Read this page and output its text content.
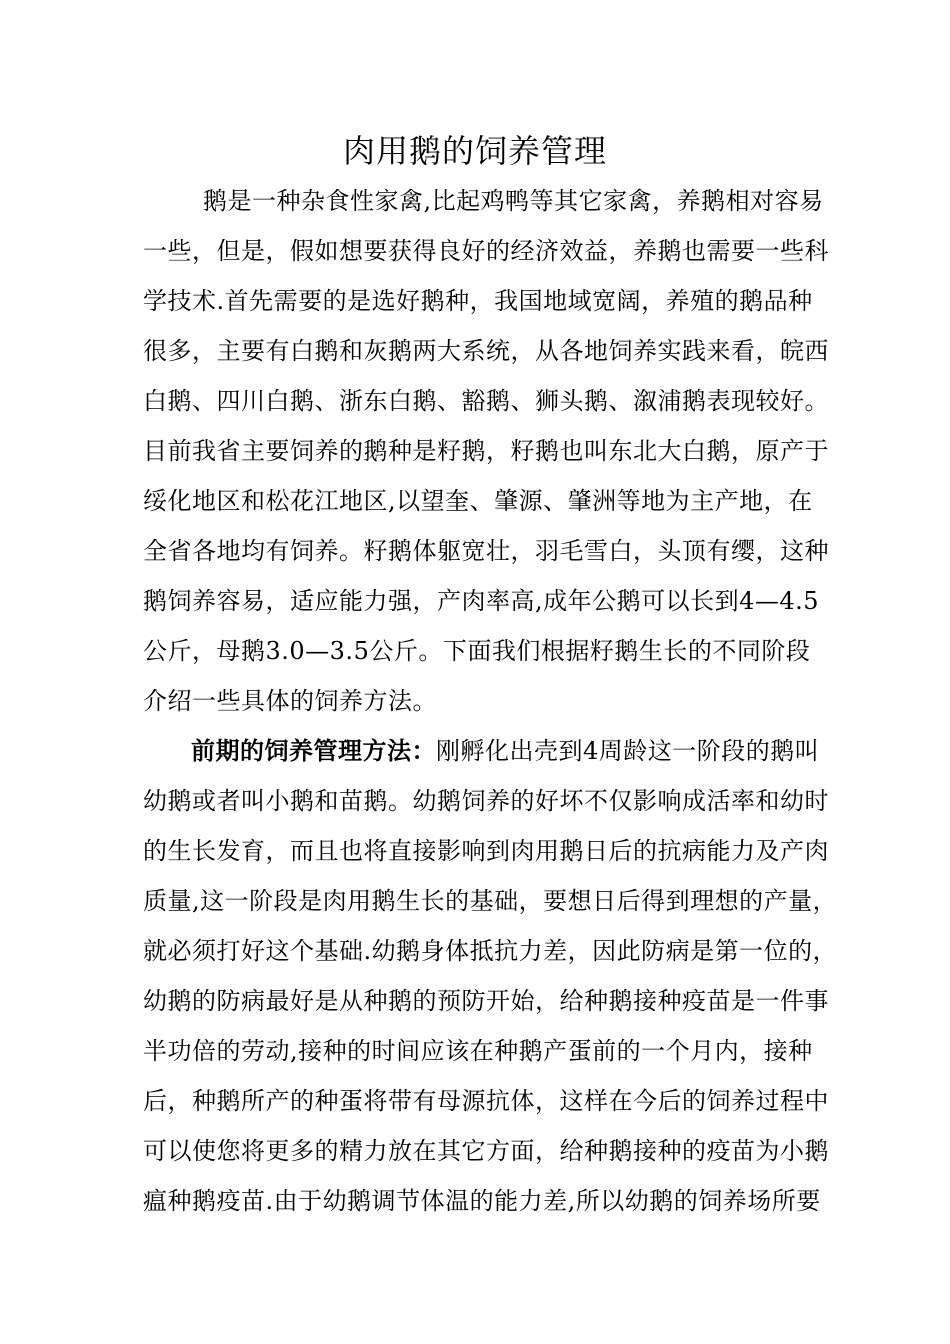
肉用鹅的饲养管理
鹅是一种杂食性家禽,比起鸡鸭等其它家禽，养鹅相对容易
一些，但是，假如想要获得良好的经济效益，养鹅也需要一些科
学技术.首先需要的是选好鹅种，我国地域宽阔，养殖的鹅品种
很多，主要有白鹅和灰鹅两大系统，从各地饲养实践来看，皖西
白鹅、四川白鹅、浙东白鹅、豁鹅、狮头鹅、溆浦鹅表现较好。
目前我省主要饲养的鹅种是籽鹅，籽鹅也叫东北大白鹅，原产于
绥化地区和松花江地区,以望奎、肇源、肇洲等地为主产地，在
全省各地均有饲养。籽鹅体躯宽壮，羽毛雪白，头顶有缨，这种
鹅饲养容易，适应能力强，产肉率高,成年公鹅可以长到4—4.5
公斤，母鹅3.0—3.5公斤。下面我们根据籽鹅生长的不同阶段
介绍一些具体的饲养方法。
前期的饲养管理方法：刚孵化出壳到4周龄这一阶段的鹅叫
幼鹅或者叫小鹅和苗鹅。幼鹅饲养的好坏不仅影响成活率和幼时
的生长发育，而且也将直接影响到肉用鹅日后的抗病能力及产肉
质量,这一阶段是肉用鹅生长的基础，要想日后得到理想的产量，
就必须打好这个基础.幼鹅身体抵抗力差，因此防病是第一位的，
幼鹅的防病最好是从种鹅的预防开始，给种鹅接种疫苗是一件事
半功倍的劳动,接种的时间应该在种鹅产蛋前的一个月内，接种
后，种鹅所产的种蛋将带有母源抗体，这样在今后的饲养过程中
可以使您将更多的精力放在其它方面，给种鹅接种的疫苗为小鹅
瘟种鹅疫苗.由于幼鹅调节体温的能力差,所以幼鹅的饲养场所要
